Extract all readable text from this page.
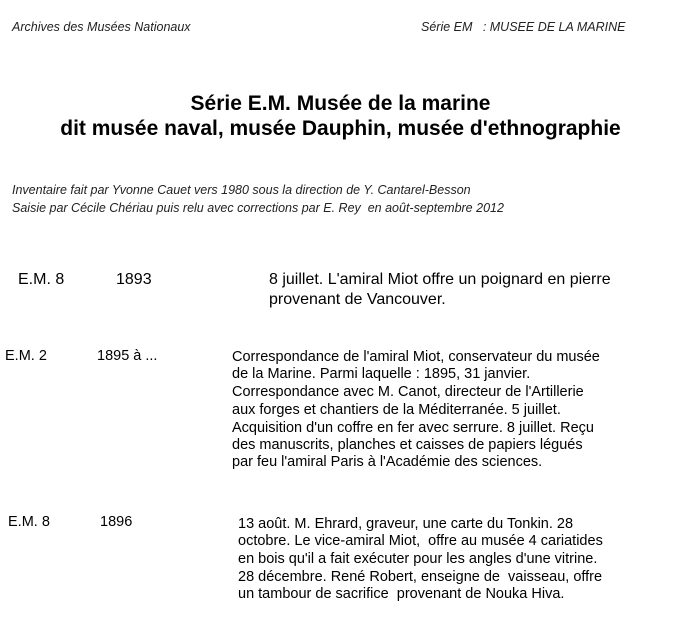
Archives des Musées Nationaux	Série EM   : MUSEE DE LA MARINE
Série E.M. Musée de la marine
dit musée naval, musée Dauphin, musée d'ethnographie
Inventaire fait par Yvonne Cauet vers 1980 sous la direction de Y. Cantarel-Besson
Saisie par Cécile Chériau puis relu avec corrections par E. Rey  en août-septembre 2012
E.M. 8	1893	8 juillet. L'amiral Miot offre un poignard en pierre
provenant de Vancouver.
E.M. 2	1895 à ...	Correspondance de l'amiral Miot, conservateur du musée
de la Marine. Parmi laquelle : 1895, 31 janvier.
Correspondance avec M. Canot, directeur de l'Artillerie
aux forges et chantiers de la Méditerranée. 5 juillet.
Acquisition d'un coffre en fer avec serrure. 8 juillet. Reçu
des manuscrits, planches et caisses de papiers légués
par feu l'amiral Paris à l'Académie des sciences.
E.M. 8	1896	13 août. M. Ehrard, graveur, une carte du Tonkin. 28
octobre. Le vice-amiral Miot,  offre au musée 4 cariatides
en bois qu'il a fait exécuter pour les angles d'une vitrine.
28 décembre. René Robert, enseigne de  vaisseau, offre
un tambour de sacrifice  provenant de Nouka Hiva.
